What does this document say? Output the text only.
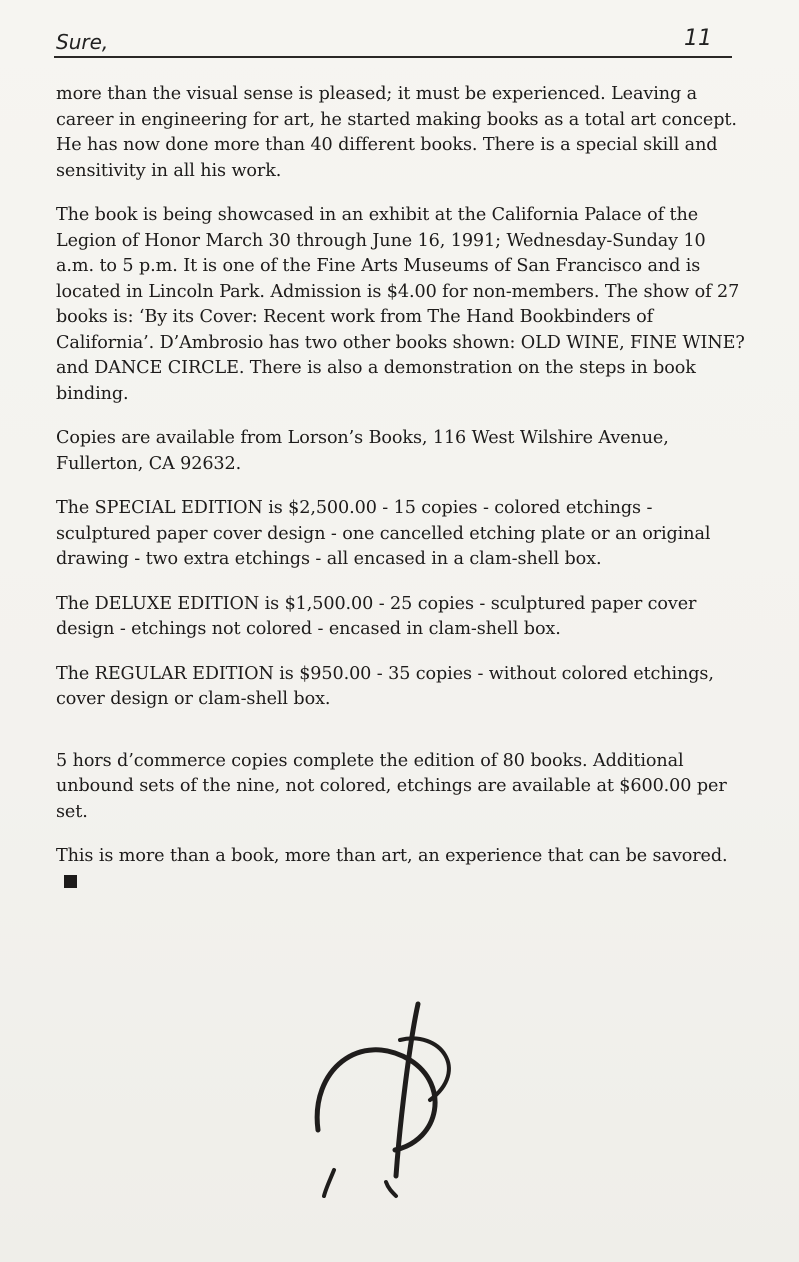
Sure,	11

more than the visual sense is pleased; it must be experienced. Leaving a career in engineering for art, he started making books as a total art concept. He has now done more than 40 different books. There is a special skill and sensitivity in all his work.

The book is being showcased in an exhibit at the California Palace of the Legion of Honor March 30 through June 16, 1991; Wednesday-Sunday 10 a.m. to 5 p.m. It is one of the Fine Arts Museums of San Francisco and is located in Lincoln Park. Admission is $4.00 for non-members. The show of 27 books is: ‘By its Cover: Recent work from The Hand Bookbinders of California’. D’Ambrosio has two other books shown: OLD WINE, FINE WINE? and DANCE CIRCLE. There is also a demonstration on the steps in book binding.

Copies are available from Lorson’s Books, 116 West Wilshire Avenue, Fullerton, CA 92632.

The SPECIAL EDITION is $2,500.00 - 15 copies - colored etchings - sculptured paper cover design - one cancelled etching plate or an original drawing - two extra etchings - all encased in a clam-shell box.

The DELUXE EDITION is $1,500.00 - 25 copies - sculptured paper cover design - etchings not colored - encased in clam-shell box.

The REGULAR EDITION is $950.00 - 35 copies - without colored etchings, cover design or clam-shell box.

5 hors d’commerce copies complete the edition of 80 books. Additional unbound sets of the nine, not colored, etchings are available at $600.00 per set.

This is more than a book, more than art, an experience that can be savored.
